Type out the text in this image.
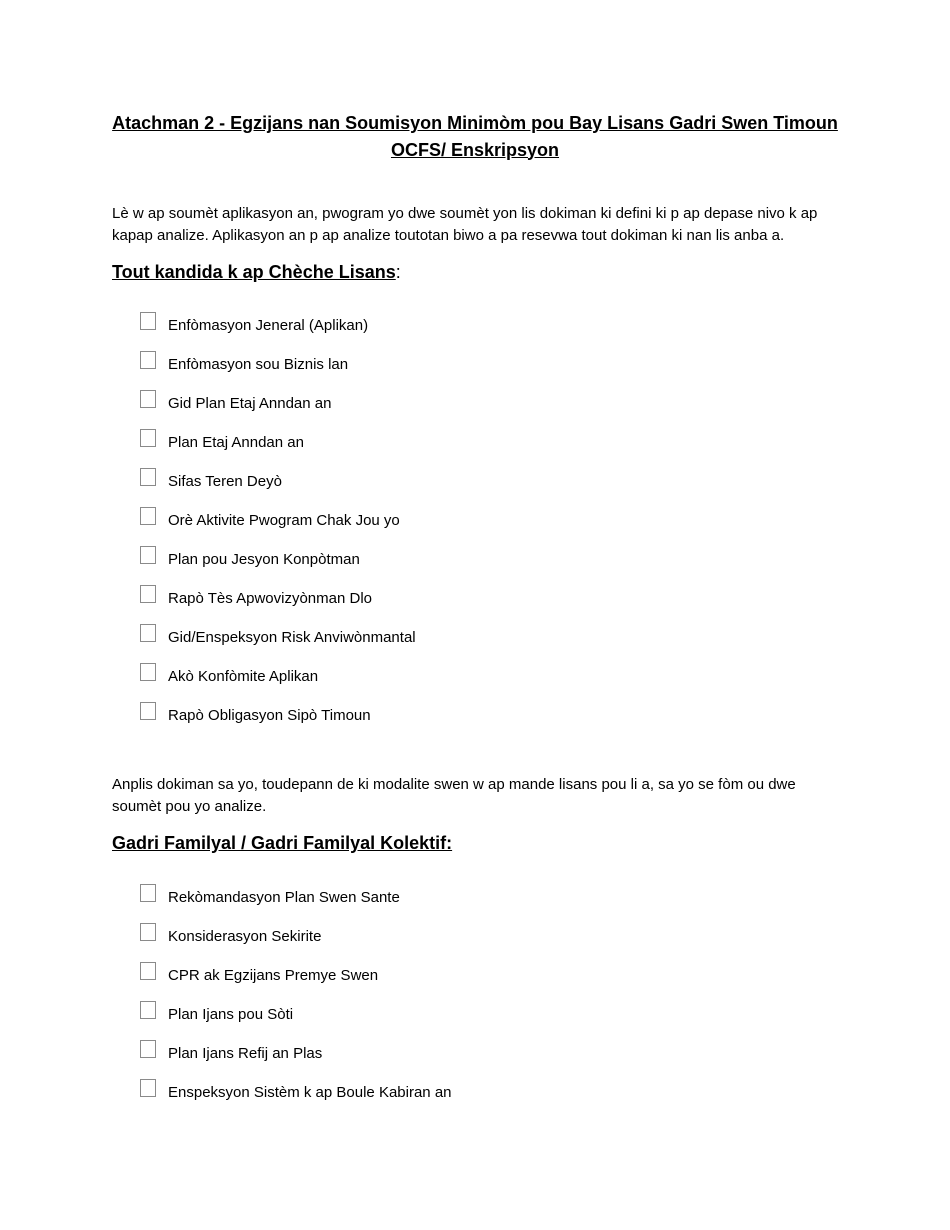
Atachman 2 - Egzijans nan Soumisyon Minimòm pou Bay Lisans Gadri Swen Timoun
OCFS/ Enskripsyon
Lè w ap soumèt aplikasyon an, pwogram yo dwe soumèt yon lis dokiman ki defini ki p ap depase nivo k ap kapap analize. Aplikasyon an p ap analize toutotan biwo a pa resevwa tout dokiman ki nan lis anba a.
Tout kandida k ap Chèche Lisans:
Enfòmasyon Jeneral (Aplikan)
Enfòmasyon sou Biznis lan
Gid Plan Etaj Anndan an
Plan Etaj Anndan an
Sifas Teren Deyò
Orè Aktivite Pwogram Chak Jou yo
Plan pou Jesyon Konpòtman
Rapò Tès Apwovizyònman Dlo
Gid/Enspeksyon Risk Anviwònmantal
Akò Konfòmite Aplikan
Rapò Obligasyon Sipò Timoun
Anplis dokiman sa yo, toudepann de ki modalite swen w ap mande lisans pou li a, sa yo se fòm ou dwe soumèt pou yo analize.
Gadri Familyal / Gadri Familyal Kolektif:
Rekòmandasyon Plan Swen Sante
Konsiderasyon Sekirite
CPR ak Egzijans Premye Swen
Plan Ijans pou Sòti
Plan Ijans Refij an Plas
Enspeksyon Sistèm k ap Boule Kabiran an
